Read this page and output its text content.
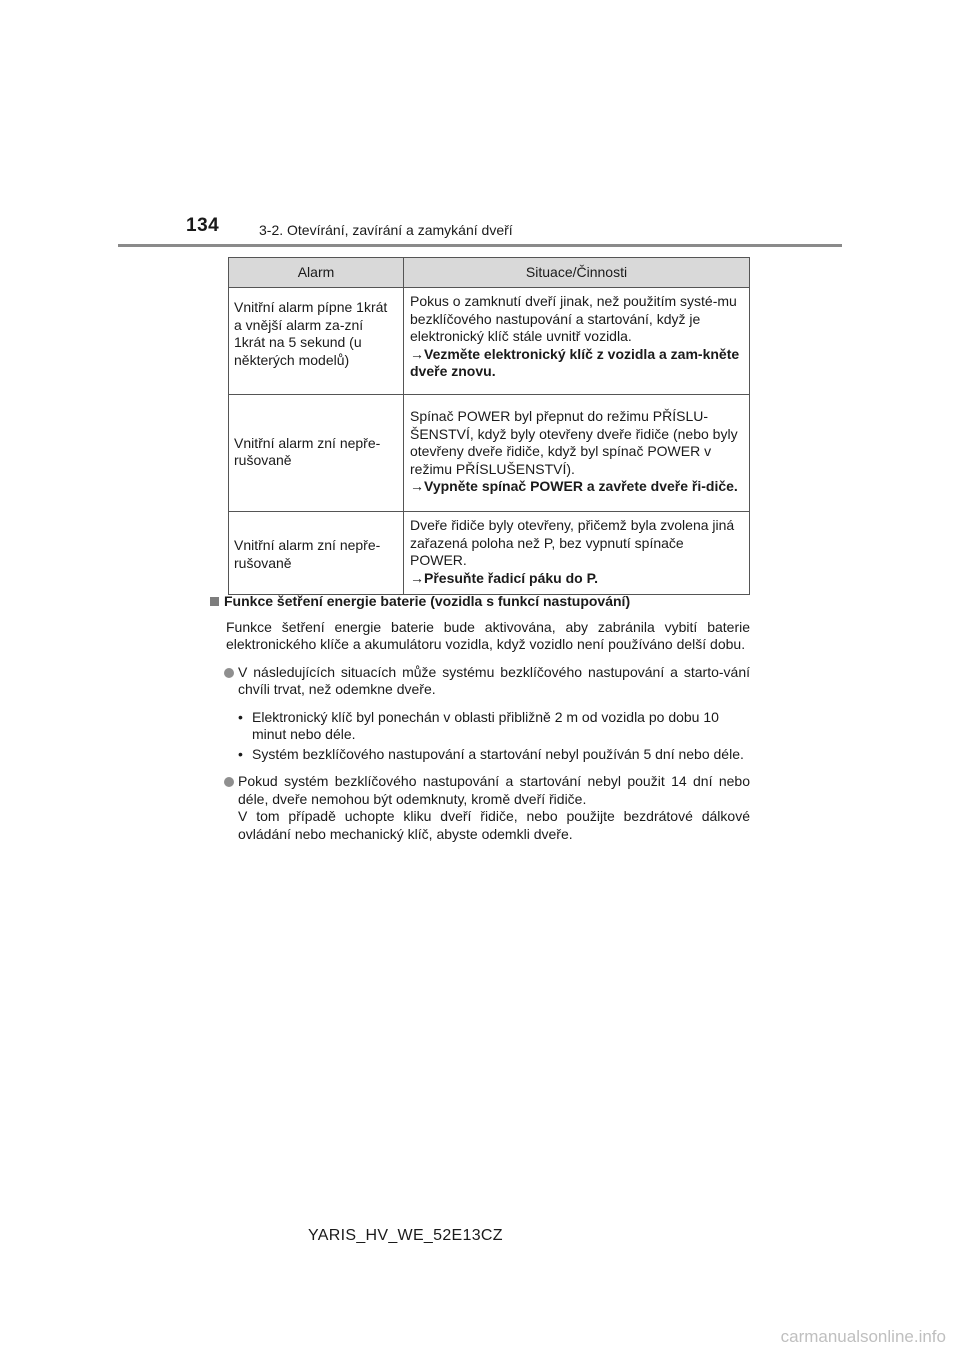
134	3-2. Otevírání, zavírání a zamykání dveří
Alarm	Situace/Činnosti
Vnitřní alarm pípne 1krát a vnější alarm za-zní 1krát na 5 sekund (u některých modelů)	Pokus o zamknutí dveří jinak, než použitím systé-mu bezklíčového nastupování a startování, když je elektronický klíč stále uvnitř vozidla.
→Vezměte elektronický klíč z vozidla a zam-kněte dveře znovu.

Vnitřní alarm zní nepře-rušovaně	Spínač POWER byl přepnut do režimu PŘÍSLU-ŠENSTVÍ, když byly otevřeny dveře řidiče (nebo byly otevřeny dveře řidiče, když byl spínač POWER v režimu PŘÍSLUŠENSTVÍ).
→Vypněte spínač POWER a zavřete dveře ři-diče.

Vnitřní alarm zní nepře-rušovaně	Dveře řidiče byly otevřeny, přičemž byla zvolena jiná zařazená poloha než P, bez vypnutí spínače POWER.
→Přesuňte řadicí páku do P.
Funkce šetření energie baterie (vozidla s funkcí nastupování)
Funkce šetření energie baterie bude aktivována, aby zabránila vybití baterie elektronického klíče a akumulátoru vozidla, když vozidlo není používáno delší dobu.
V následujících situacích může systému bezklíčového nastupování a starto-vání chvíli trvat, než odemkne dveře.
• Elektronický klíč byl ponechán v oblasti přibližně 2 m od vozidla po dobu 10 minut nebo déle.
• Systém bezklíčového nastupování a startování nebyl používán 5 dní nebo déle.
Pokud systém bezklíčového nastupování a startování nebyl použit 14 dní nebo déle, dveře nemohou být odemknuty, kromě dveří řidiče.
V tom případě uchopte kliku dveří řidiče, nebo použijte bezdrátové dálkové ovládání nebo mechanický klíč, abyste odemkli dveře.
YARIS_HV_WE_52E13CZ
carmanualsonline.info
